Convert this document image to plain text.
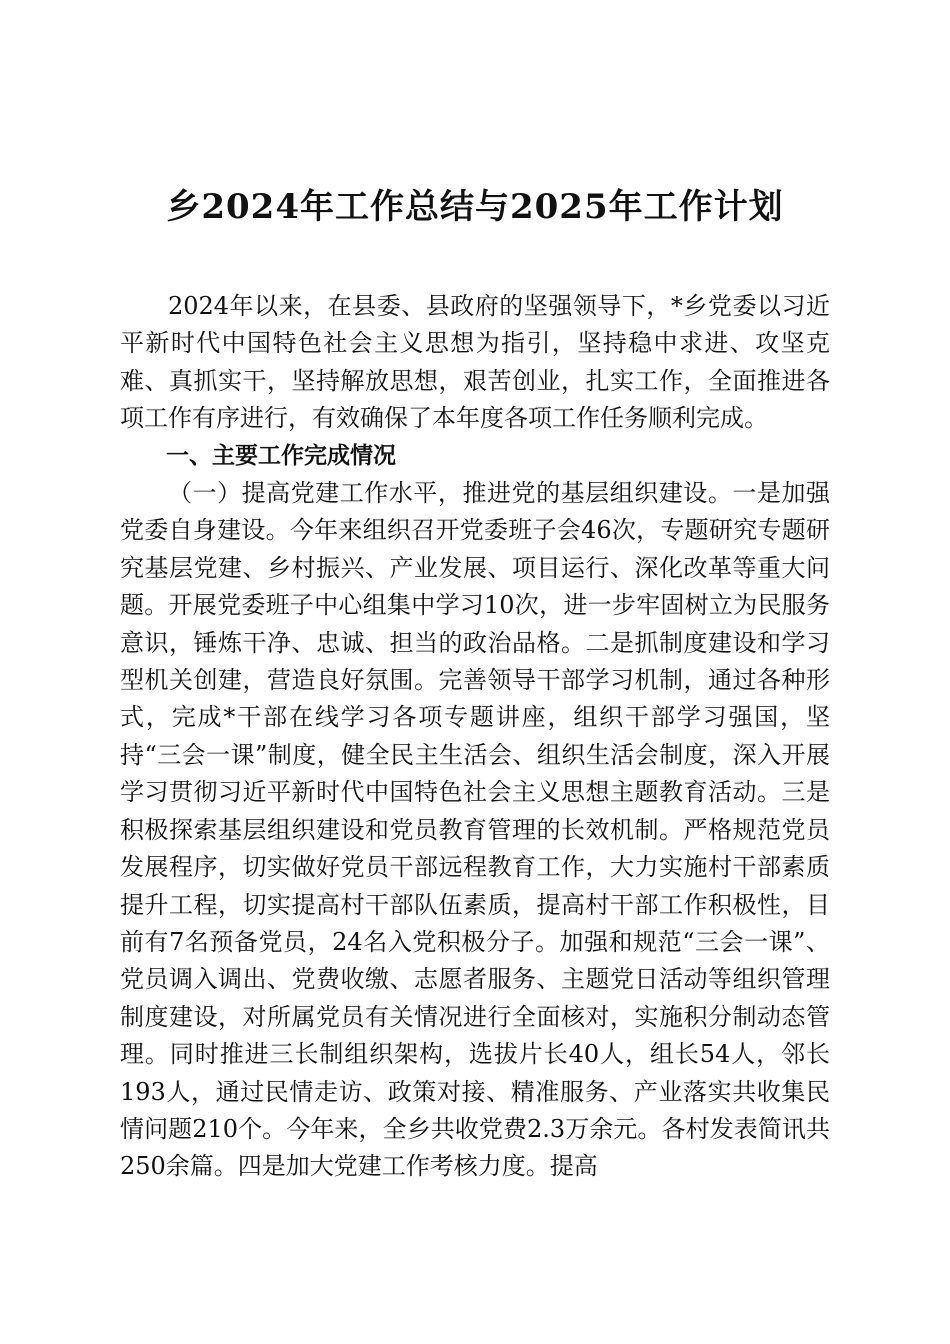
乡2024年工作总结与2025年工作计划

2024年以来，在县委、县政府的坚强领导下，*乡党委以习近平新时代中国特色社会主义思想为指引，坚持稳中求进、攻坚克难、真抓实干，坚持解放思想，艰苦创业，扎实工作，全面推进各项工作有序进行，有效确保了本年度各项工作任务顺利完成。

一、主要工作完成情况

（一）提高党建工作水平，推进党的基层组织建设。一是加强党委自身建设。今年来组织召开党委班子会46次，专题研究专题研究基层党建、乡村振兴、产业发展、项目运行、深化改革等重大问题。开展党委班子中心组集中学习10次，进一步牢固树立为民服务意识，锤炼干净、忠诚、担当的政治品格。二是抓制度建设和学习型机关创建，营造良好氛围。完善领导干部学习机制，通过各种形式，完成*干部在线学习各项专题讲座，组织干部学习强国，坚持“三会一课”制度，健全民主生活会、组织生活会制度，深入开展学习贯彻习近平新时代中国特色社会主义思想主题教育活动。三是积极探索基层组织建设和党员教育管理的长效机制。严格规范党员发展程序，切实做好党员干部远程教育工作，大力实施村干部素质提升工程，切实提高村干部队伍素质，提高村干部工作积极性，目前有7名预备党员，24名入党积极分子。加强和规范“三会一课”、党员调入调出、党费收缴、志愿者服务、主题党日活动等组织管理制度建设，对所属党员有关情况进行全面核对，实施积分制动态管理。同时推进三长制组织架构，选拔片长40人，组长54人，邻长193人，通过民情走访、政策对接、精准服务、产业落实共收集民情问题210个。今年来，全乡共收党费2.3万余元。各村发表简讯共250余篇。四是加大党建工作考核力度。提高
